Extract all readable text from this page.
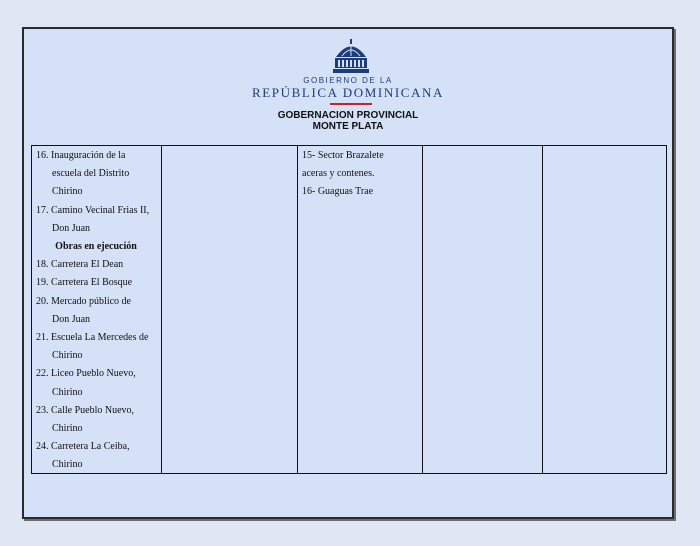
GOBIERNO DE LA
REPÚBLICA DOMINICANA
GOBERNACION PROVINCIAL
MONTE PLATA
16. Inauguración de la
escuela del Distrito
Chirino
17. Camino Vecinal Frias II,
Don Juan
Obras en ejecución
18. Carretera El Dean
19. Carretera El Bosque
20. Mercado público de
Don Juan
21. Escuela La Mercedes de
Chirino
22. Liceo Pueblo Nuevo,
Chirino
23. Calle Pueblo Nuevo,
Chirino
24. Carretera La Ceiba,
Chirino
15- Sector Brazalete
aceras y contenes.
16- Guaguas Trae
